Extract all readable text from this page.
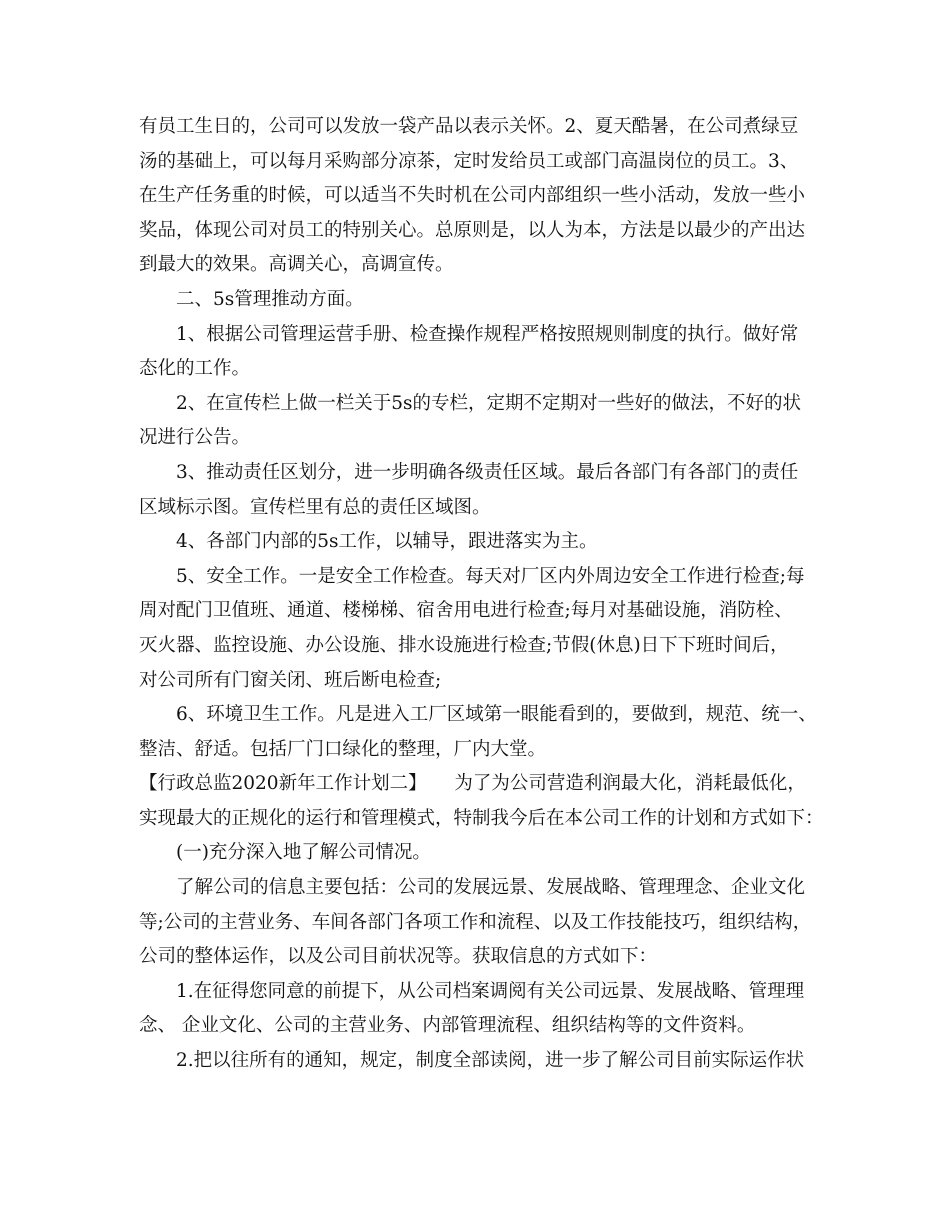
有员工生日的，公司可以发放一袋产品以表示关怀。2、夏天酷暑，在公司煮绿豆
汤的基础上，可以每月采购部分凉茶，定时发给员工或部门高温岗位的员工。3、
在生产任务重的时候，可以适当不失时机在公司内部组织一些小活动，发放一些小
奖品，体现公司对员工的特别关心。总原则是，以人为本，方法是以最少的产出达
到最大的效果。高调关心，高调宣传。
二、5s管理推动方面。
1、根据公司管理运营手册、检查操作规程严格按照规则制度的执行。做好常
态化的工作。
2、在宣传栏上做一栏关于5s的专栏，定期不定期对一些好的做法，不好的状
况进行公告。
3、推动责任区划分，进一步明确各级责任区域。最后各部门有各部门的责任
区域标示图。宣传栏里有总的责任区域图。
4、各部门内部的5s工作，以辅导，跟进落实为主。
5、安全工作。一是安全工作检查。每天对厂区内外周边安全工作进行检查;每
周对配门卫值班、通道、楼梯梯、宿舍用电进行检查;每月对基础设施，消防栓、
灭火器、监控设施、办公设施、排水设施进行检查;节假(休息)日下下班时间后，
对公司所有门窗关闭、班后断电检查;
6、环境卫生工作。凡是进入工厂区域第一眼能看到的，要做到，规范、统一、
整洁、舒适。包括厂门口绿化的整理，厂内大堂。
【行政总监2020新年工作计划二】　　为了为公司营造利润最大化，消耗最低化，
实现最大的正规化的运行和管理模式，特制我今后在本公司工作的计划和方式如下：
(一)充分深入地了解公司情况。
了解公司的信息主要包括：公司的发展远景、发展战略、管理理念、企业文化
等;公司的主营业务、车间各部门各项工作和流程、以及工作技能技巧，组织结构，
公司的整体运作，以及公司目前状况等。获取信息的方式如下：
1.在征得您同意的前提下，从公司档案调阅有关公司远景、发展战略、管理理
念、 企业文化、公司的主营业务、内部管理流程、组织结构等的文件资料。
2.把以往所有的通知，规定，制度全部读阅，进一步了解公司目前实际运作状
